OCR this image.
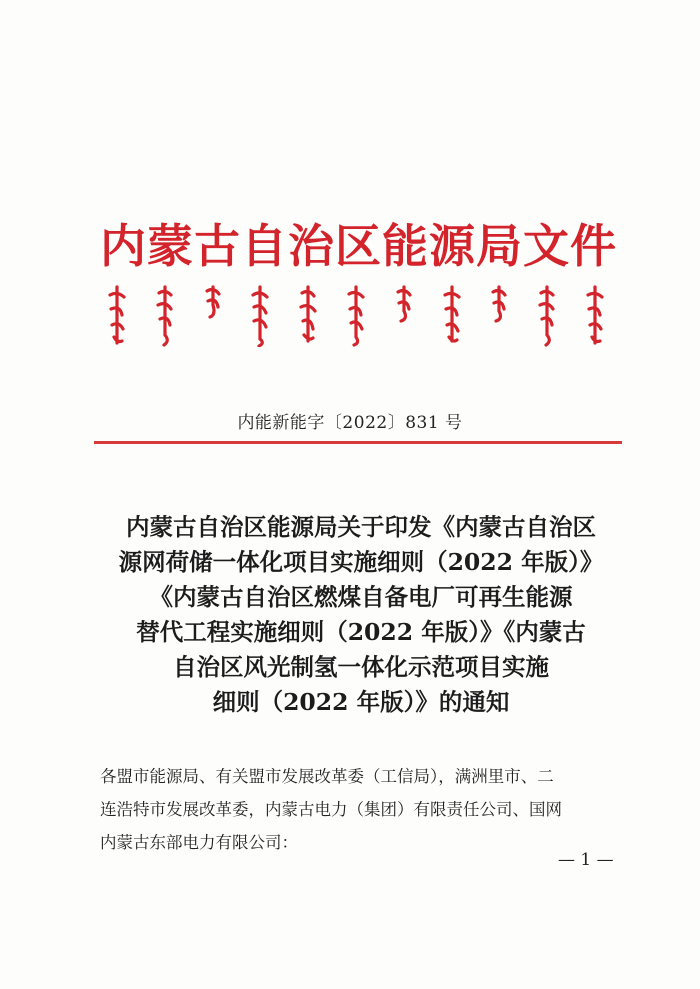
内蒙古自治区能源局文件
内能新能字〔2022〕831 号
内蒙古自治区能源局关于印发《内蒙古自治区
源网荷储一体化项目实施细则（2022 年版）》
《内蒙古自治区燃煤自备电厂可再生能源
替代工程实施细则（2022 年版）》《内蒙古
自治区风光制氢一体化示范项目实施
细则（2022 年版）》的通知
各盟市能源局、有关盟市发展改革委（工信局），满洲里市、二
连浩特市发展改革委，内蒙古电力（集团）有限责任公司、国网
内蒙古东部电力有限公司：
— 1 —
